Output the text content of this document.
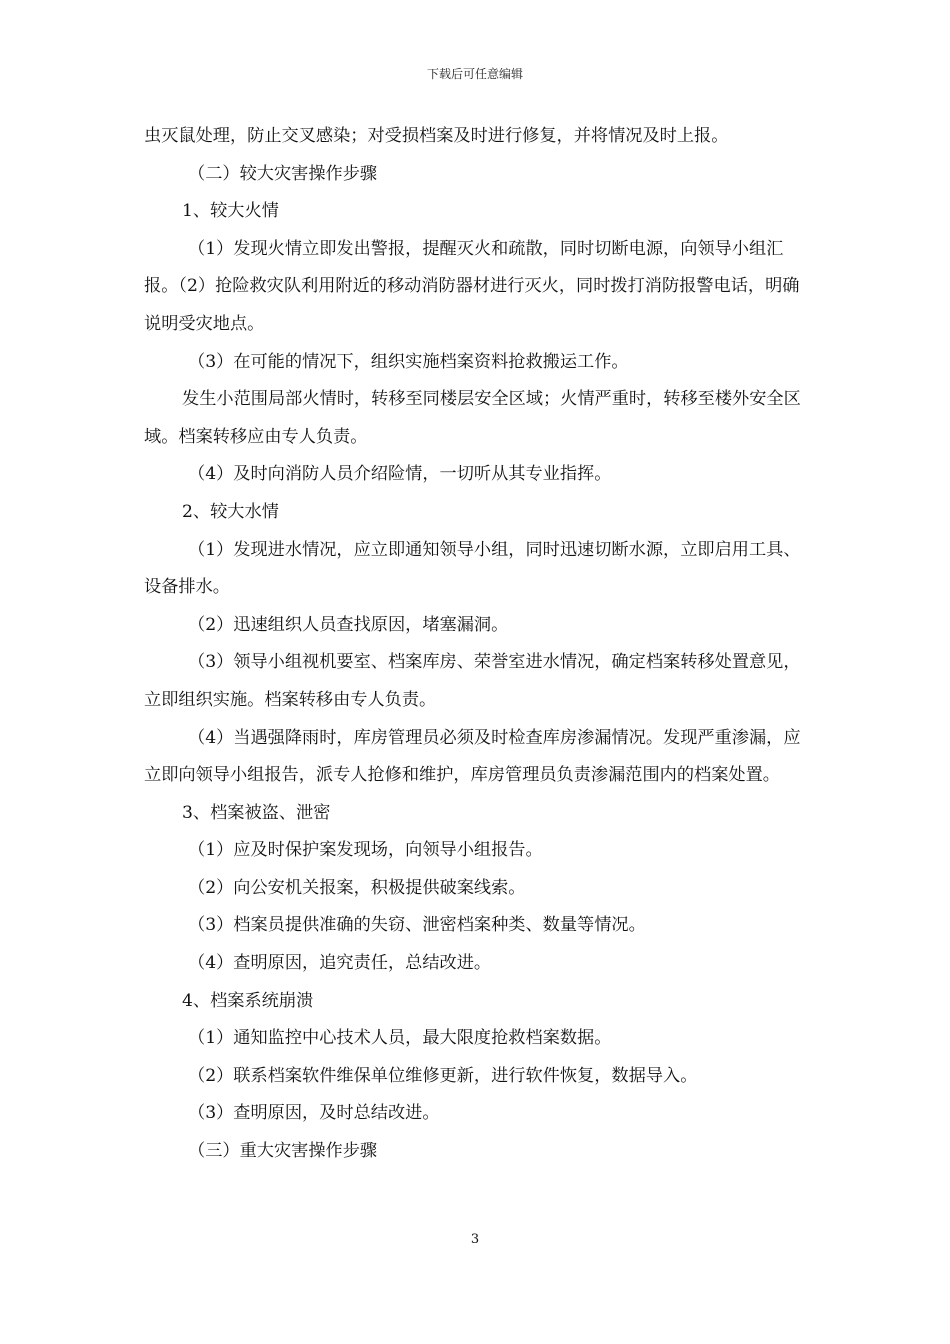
下载后可任意编辑

虫灭鼠处理，防止交叉感染；对受损档案及时进行修复，并将情况及时上报。

（二）较大灾害操作步骤

1、较大火情

（1）发现火情立即发出警报，提醒灭火和疏散，同时切断电源，向领导小组汇报。（2）抢险救灾队利用附近的移动消防器材进行灭火，同时拨打消防报警电话，明确说明受灾地点。

（3）在可能的情况下，组织实施档案资料抢救搬运工作。

发生小范围局部火情时，转移至同楼层安全区域；火情严重时，转移至楼外安全区域。档案转移应由专人负责。

（4）及时向消防人员介绍险情，一切听从其专业指挥。

2、较大水情

（1）发现进水情况，应立即通知领导小组，同时迅速切断水源，立即启用工具、设备排水。

（2）迅速组织人员查找原因，堵塞漏洞。

（3）领导小组视机要室、档案库房、荣誉室进水情况，确定档案转移处置意见，立即组织实施。档案转移由专人负责。

（4）当遇强降雨时，库房管理员必须及时检查库房渗漏情况。发现严重渗漏，应立即向领导小组报告，派专人抢修和维护，库房管理员负责渗漏范围内的档案处置。

3、档案被盗、泄密

（1）应及时保护案发现场，向领导小组报告。

（2）向公安机关报案，积极提供破案线索。

（3）档案员提供准确的失窃、泄密档案种类、数量等情况。

（4）查明原因，追究责任，总结改进。

4、档案系统崩溃

（1）通知监控中心技术人员，最大限度抢救档案数据。

（2）联系档案软件维保单位维修更新，进行软件恢复，数据导入。

（3）查明原因，及时总结改进。

（三）重大灾害操作步骤

3
